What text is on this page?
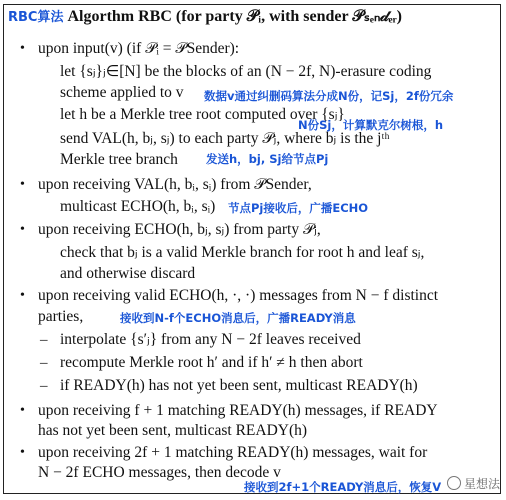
RBC算法 Algorthm RBC (for party 𝒫ᵢ, with sender 𝒫ₛₑₙ𝒹ₑᵣ)
•
•
•
•
•
•
–
–
–
upon input(v) (if 𝒫ᵢ = 𝒫Sender):
let {sⱼ}ⱼ∈[N] be the blocks of an (N − 2f, N)-erasure coding
scheme applied to v
let h be a Merkle tree root computed over {sⱼ}
send VAL(h, bⱼ, sⱼ) to each party 𝒫ⱼ, where bⱼ is the jᵗʰ
Merkle tree branch
upon receiving VAL(h, bᵢ, sᵢ) from 𝒫Sender,
multicast ECHO(h, bᵢ, sᵢ)
upon receiving ECHO(h, bⱼ, sⱼ) from party 𝒫ⱼ,
check that bⱼ is a valid Merkle branch for root h and leaf sⱼ,
and otherwise discard
upon receiving valid ECHO(h, ·, ·) messages from N − f distinct
parties,
interpolate {s′ⱼ} from any N − 2f leaves received
recompute Merkle root h′ and if h′ ≠ h then abort
if READY(h) has not yet been sent, multicast READY(h)
upon receiving f + 1 matching READY(h) messages, if READY
has not yet been sent, multicast READY(h)
upon receiving 2f + 1 matching READY(h) messages, wait for
N − 2f ECHO messages, then decode v
数据v通过纠删码算法分成N份，记Sj，2f份冗余
N份Sj，计算默克尔树根，h
发送h，bj, Sj给节点Pj
节点Pj接收后，广播ECHO
接收到N-f个ECHO消息后，广播READY消息
接收到2f+1个READY消息后，恢复V	星想法
